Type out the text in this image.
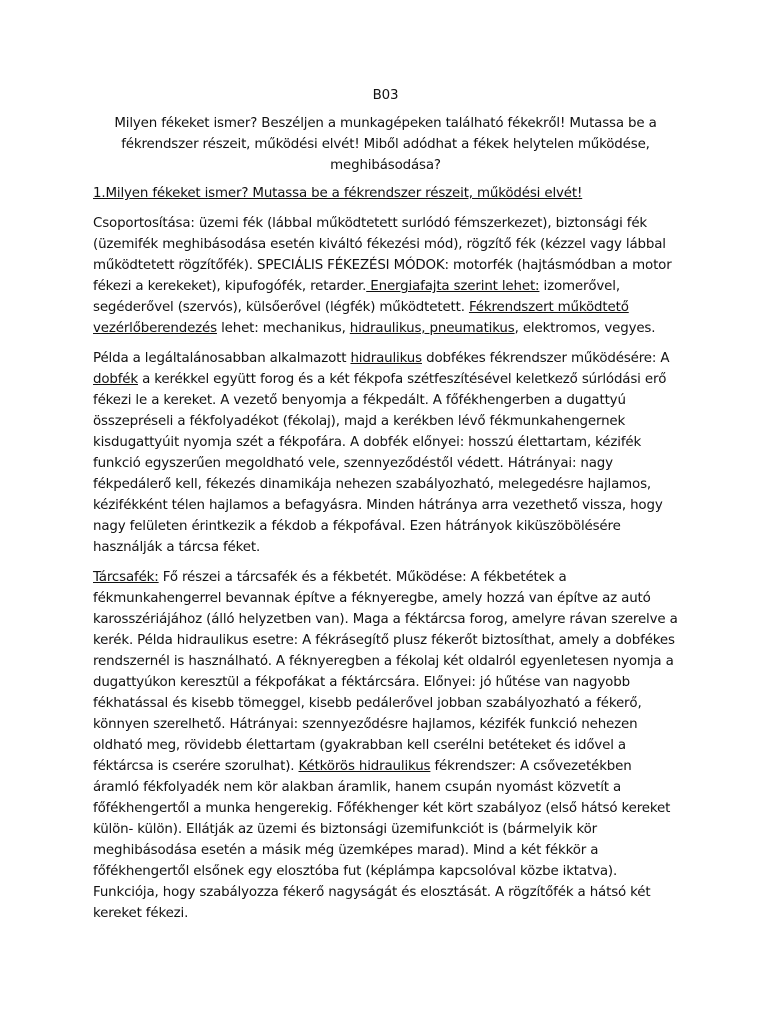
B03
Milyen fékeket ismer? Beszéljen a munkagépeken található fékekről! Mutassa be a fékrendszer részeit, működési elvét! Miből adódhat a fékek helytelen működése, meghibásodása?

1.Milyen fékeket ismer? Mutassa be a fékrendszer részeit, működési elvét!

Csoportosítása: üzemi fék (lábbal működtetett surlódó fémszerkezet), biztonsági fék (üzemifék meghibásodása esetén kiváltó fékezési mód), rögzítő fék (kézzel vagy lábbal működtetett rögzítőfék). SPECIÁLIS FÉKEZÉSI MÓDOK: motorfék (hajtásmódban a motor fékezi a kerekeket), kipufogófék, retarder. Energiafajta szerint lehet: izomerővel, segéderővel (szervós), külsőerővel (légfék) működtetett. Fékrendszert működtető vezérlőberendezés lehet: mechanikus, hidraulikus, pneumatikus, elektromos, vegyes.

Példa a legáltalánosabban alkalmazott hidraulikus dobfékes fékrendszer működésére: A dobfék a kerékkel együtt forog és a két fékpofa szétfeszítésével keletkező súrlódási erő fékezi le a kereket. A vezető benyomja a fékpedált. A főfékhengerben a dugattyú összepréseli a fékfolyadékot (fékolaj), majd a kerékben lévő fékmunkahengernek kisdugattyúit nyomja szét a fékpofára. A dobfék előnyei: hosszú élettartam, kézifék funkció egyszerűen megoldható vele, szennyeződéstől védett. Hátrányai: nagy fékpedálerő kell, fékezés dinamikája nehezen szabályozható, melegedésre hajlamos, kézifékként télen hajlamos a befagyásra. Minden hátránya arra vezethető vissza, hogy nagy felületen érintkezik a fékdob a fékpofával. Ezen hátrányok kiküszöbölésére használják a tárcsa féket.

Tárcsafék: Fő részei a tárcsafék és a fékbetét. Működése: A fékbetétek a fékmunkahengerrel bevannak építve a féknyeregbe, amely hozzá van építve az autó karosszériájához (álló helyzetben van). Maga a féktárcsa forog, amelyre rávan szerelve a kerék. Példa hidraulikus esetre: A fékrásegítő plusz fékerőt biztosíthat, amely a dobfékes rendszernél is használható. A féknyeregben a fékolaj két oldalról egyenletesen nyomja a dugattyúkon keresztül a fékpofákat a féktárcsára. Előnyei: jó hűtése van nagyobb fékhatással és kisebb tömeggel, kisebb pedálerővel jobban szabályozható a fékerő, könnyen szerelhető. Hátrányai: szennyeződésre hajlamos, kézifék funkció nehezen oldható meg, rövidebb élettartam (gyakrabban kell cserélni betéteket és idővel a féktárcsa is cserére szorulhat). Kétkörös hidraulikus fékrendszer: A csővezetékben áramló fékfolyadék nem kör alakban áramlik, hanem csupán nyomást közvetít a főfékhengertől a munka hengerekig. Főfékhenger két kört szabályoz (első hátsó kereket külön- külön). Ellátják az üzemi és biztonsági üzemifunkciót is (bármelyik kör meghibásodása esetén a másik még üzemképes marad). Mind a két fékkör a főfékhengertől elsőnek egy elosztóba fut (képlámpa kapcsolóval közbe iktatva). Funkciója, hogy szabályozza fékerő nagyságát és elosztását. A rögzítőfék a hátsó két kereket fékezi.
